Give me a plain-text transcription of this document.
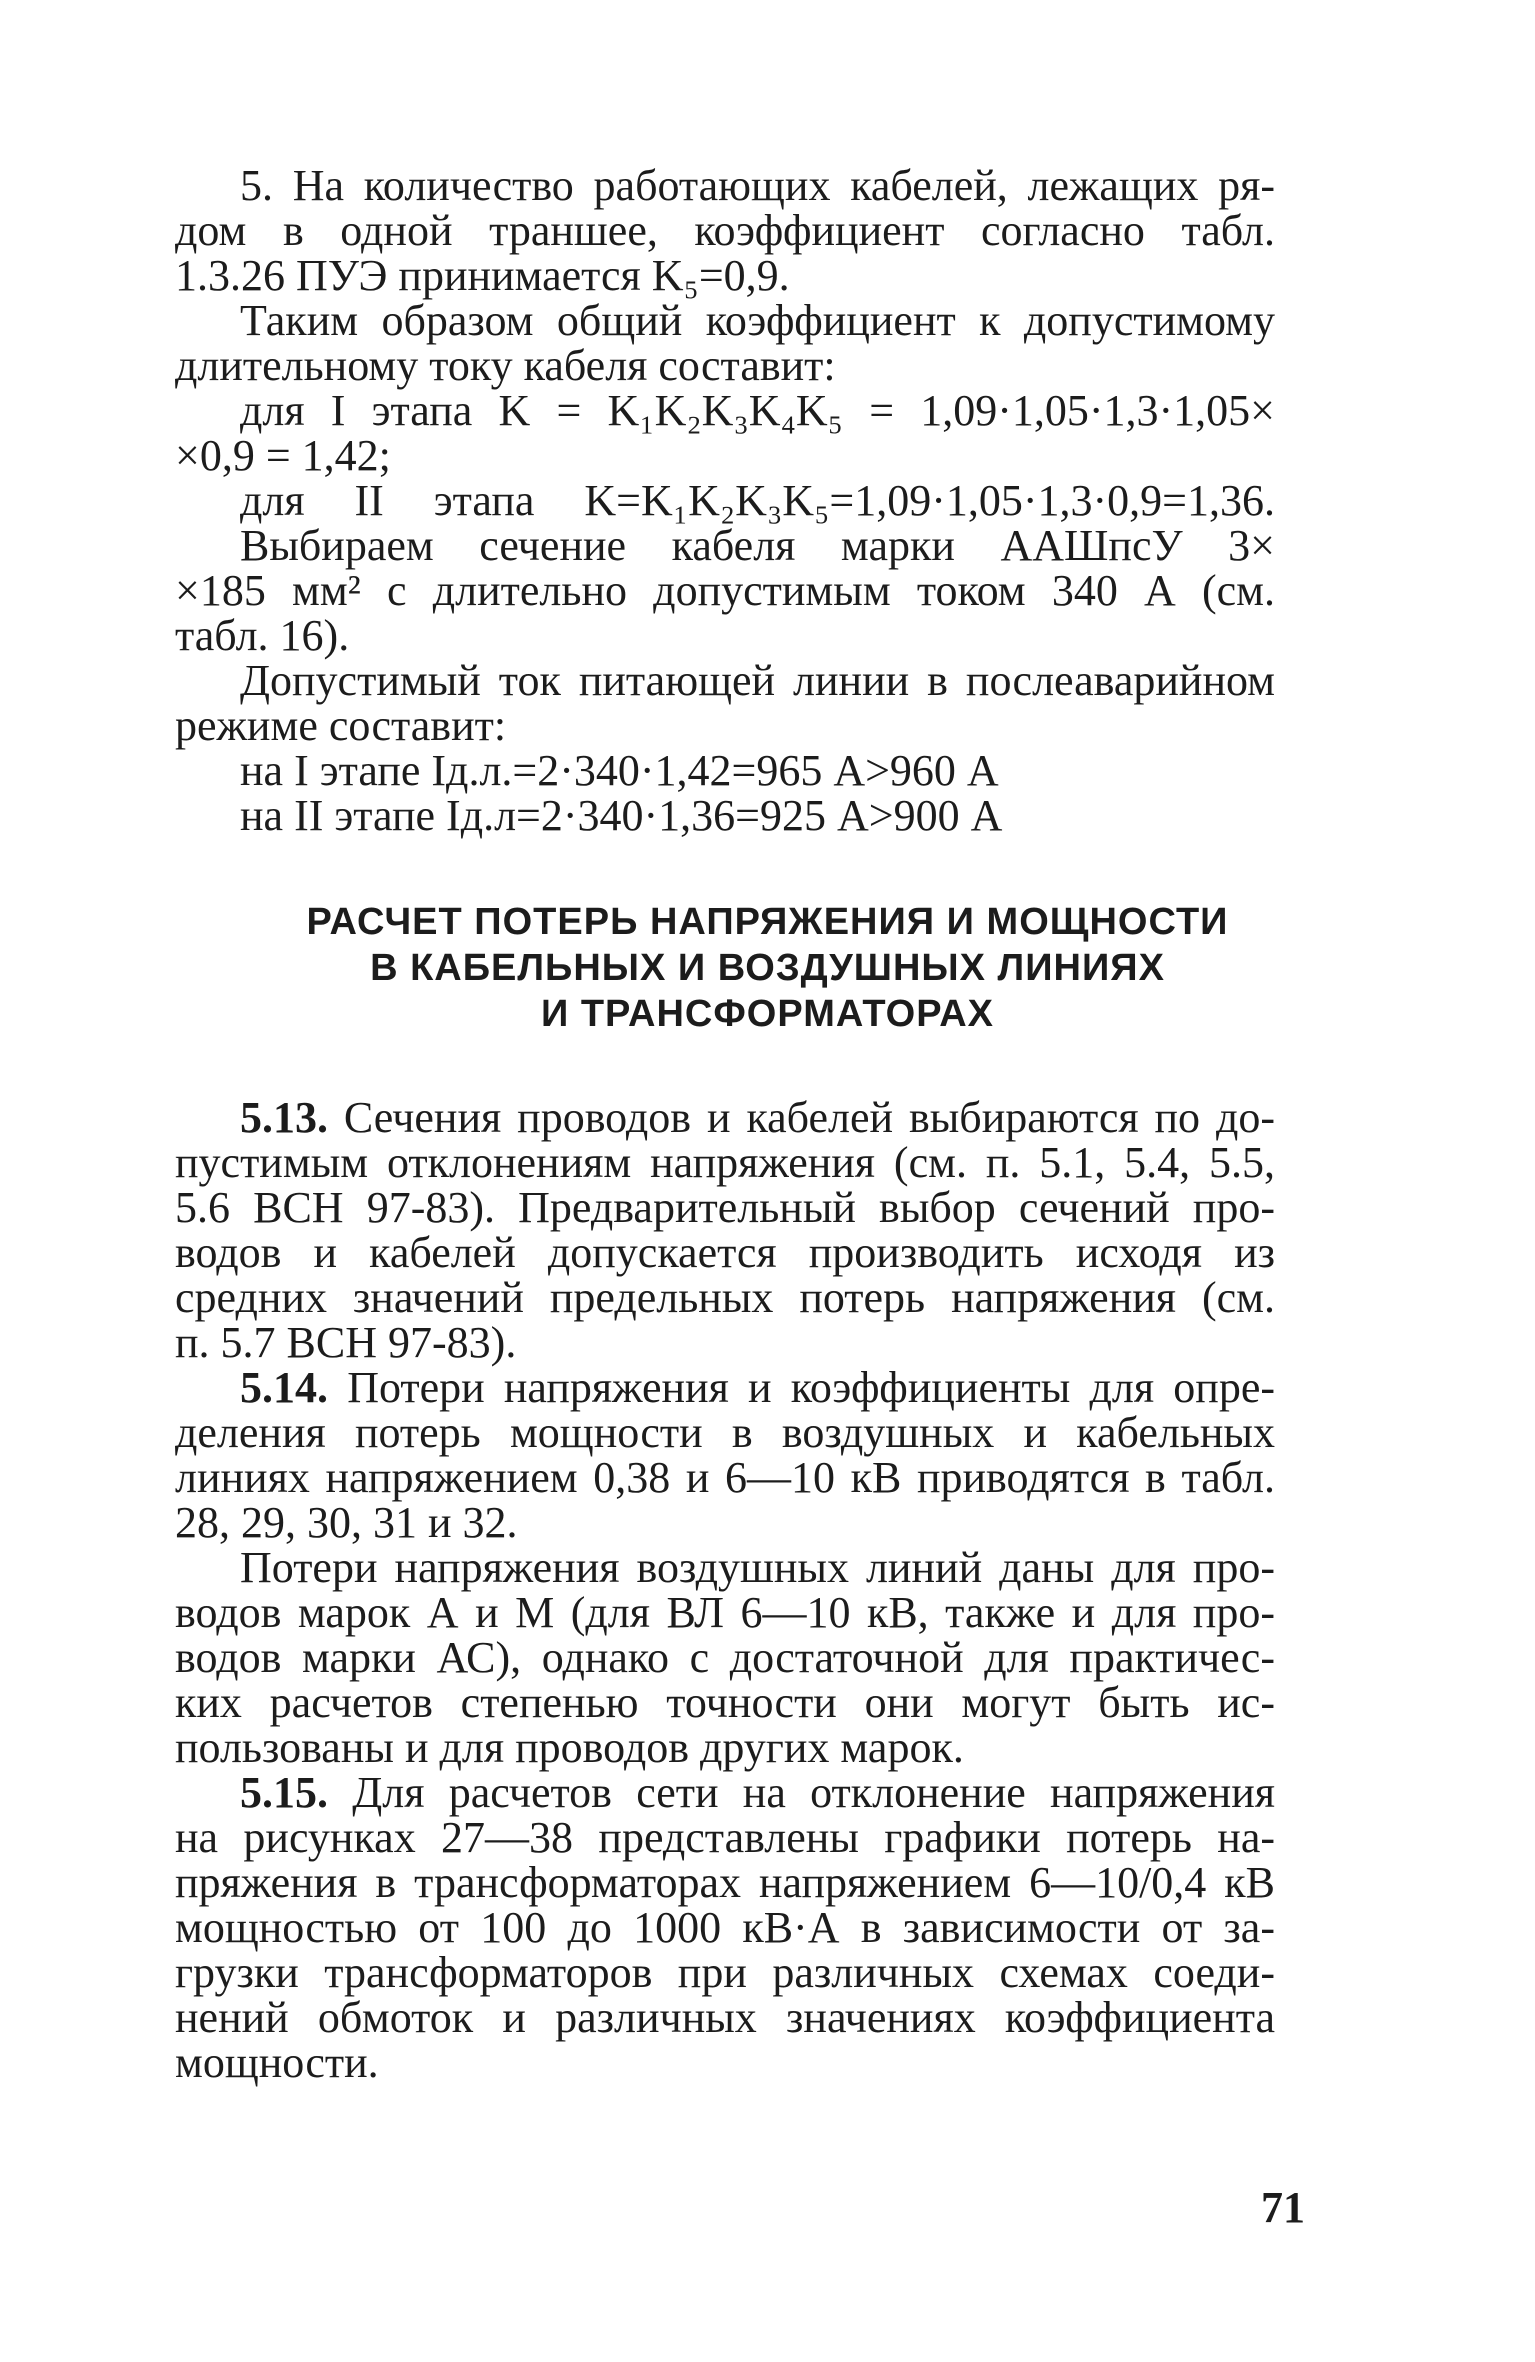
5. На количество работающих кабелей, лежащих ря-

дом в одной траншее, коэффициент согласно табл.

1.3.26 ПУЭ принимается K₅=0,9.

Таким образом общий коэффициент к допустимому

длительному току кабеля составит:

для I этапа K = K₁K₂K₃K₄K₅ = 1,09·1,05·1,3·1,05×

×0,9 = 1,42;

для II этапа K=K₁K₂K₃K₅=1,09·1,05·1,3·0,9=1,36.

Выбираем сечение кабеля марки ААШпсУ 3×

×185 мм² с длительно допустимым током 340 А (см.

табл. 16).

Допустимый ток питающей линии в послеаварийном

режиме составит:

на I этапе Iд.л.=2·340·1,42=965 А>960 А

на II этапе Iд.л=2·340·1,36=925 А>900 А

РАСЧЕТ ПОТЕРЬ НАПРЯЖЕНИЯ И МОЩНОСТИ

В КАБЕЛЬНЫХ И ВОЗДУШНЫХ ЛИНИЯХ

И ТРАНСФОРМАТОРАХ

5.13. Сечения проводов и кабелей выбираются по до-

пустимым отклонениям напряжения (см. п. 5.1, 5.4, 5.5,

5.6 ВСН 97-83). Предварительный выбор сечений про-

водов и кабелей допускается производить исходя из

средних значений предельных потерь напряжения (см.

п. 5.7 ВСН 97-83).

5.14. Потери напряжения и коэффициенты для опре-

деления потерь мощности в воздушных и кабельных

линиях напряжением 0,38 и 6—10 кВ приводятся в табл.

28, 29, 30, 31 и 32.

Потери напряжения воздушных линий даны для про-

водов марок А и М (для ВЛ 6—10 кВ, также и для про-

водов марки АС), однако с достаточной для практичес-

ких расчетов степенью точности они могут быть ис-

пользованы и для проводов других марок.

5.15. Для расчетов сети на отклонение напряжения

на рисунках 27—38 представлены графики потерь на-

пряжения в трансформаторах напряжением 6—10/0,4 кВ

мощностью от 100 до 1000 кВ·А в зависимости от за-

грузки трансформаторов при различных схемах соеди-

нений обмоток и различных значениях коэффициента

мощности.

71
